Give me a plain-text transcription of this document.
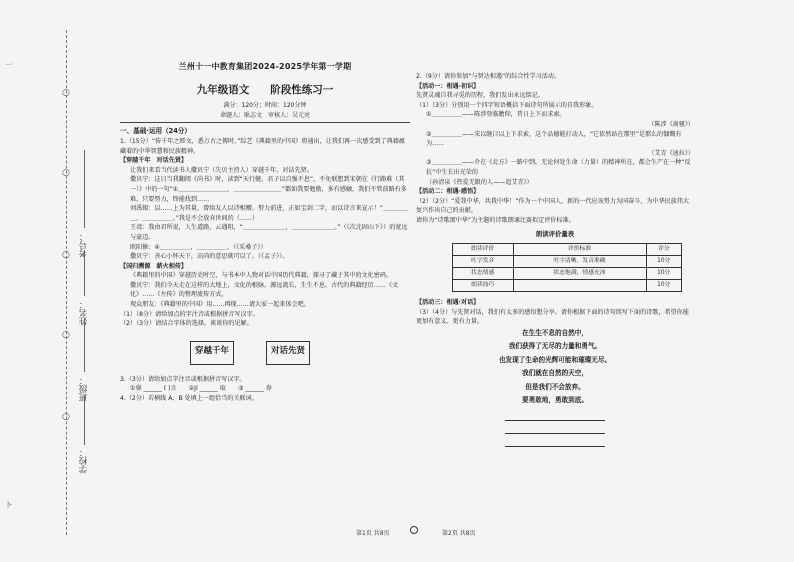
一
卜
○
○
○
○
○
考号：
姓名：
班级：
学校：
兰州十一中教育集团2024-2025学年第一学期
九年级语文　　阶段性练习一
满分：120分；时间：120分钟
命题人：耿志文　审核人：吴元亮
一、基础·运用（24分）
1.（15分）“传千年之經文，悉万古之傳时。”综艺《典籍里的中国》将通出，让我们再一次感受到了典籍蕴藏着的中华智慧和民族精神。
【穿越千年　对话先贤】
让我们来看当代读书人撒贝宁（失贝主持人）穿越千年，对话先贤。
撒贝宁：这日当我翻阅《尚书》时，读到“天行健，君子以自强不息”，不免联想到宋朝在《行路难（其一）》中的一句“①＿＿＿＿＿＿＿＿，＿＿＿＿＿＿＿＿”都如我要勉励，多有感触，我们不管前路有多难，只要努力，终能找到……
刘禹锡：以……上为其量，曾给友人以诗相赠。努力前进，正如宝剑二字，而以诗言来宣示！“＿＿＿＿＿，＿＿＿＿＿。”我是不会放弃世间的（……）
王湾：我由君所说，人生道路，云遇阻，“＿＿＿＿＿＿＿，＿＿＿＿＿＿＿。”（《次北固山下》）的宽远与豪迈。
欧阳修：④＿＿＿＿＿，＿＿＿＿＿。（《采桑子》）
撒贝宁：善心小怀天下，高尚的意思就可以了。（《孟子》）。
【国归溯源　薪火相传】
《典籍里的中国》穿越历史时空，与书本中人物对话中国历代典籍，探寻了藏于其中的文化密码。
撒贝宁：我们今天走在这样的大地上，文化的根脉，源远流长，生生不息。古代的典籍经历……《文化》……《左传》的整理流传方式。
观众朋友：《典籍里的中国》用……再现……请大家一起来体会吧。
（1）（8分）请给加点的字注音或根据拼音写汉字。
（2）（3分）请结合字体的选择，谈谈你的见解。
穿越千年	对话先贤
3.（3分）请给加点字注音或根据拼音写汉字。
①褒 ______ ( )言　　②Jí ______ 取　　③ ______ 券
4.（2分）若横线 A、B 处填上一组恰当的关联词。
2.（9分）请你参加“与贤达相遇”的综合性学习活动。
【活动一：相遇·初识】
先贤灵魂自我寻觅的历程，我们发出永远铭记。
（1）（3分）分别用一个四字短语概括下面诗句所展示的自我形象。
①＿＿＿＿＿——陈涉登临瞻仰，昔日上下而求索。
（陈涉《离骚》）
②＿＿＿＿＿——宋以继日以上下求索，这个品德能打动人，“它依然站在那里”是那么的慷慨有为……
（艾青《迪拉》）
③＿＿＿＿＿——介在《北方》一路中到，无论何处生命（力量）的精神所在，都会生产在一种“反抗”中生长出光荣的
（孙清泉《热爱无限的人——追艾青》）
【活动二：相遇·感悟】
（2）（2分）“爱我中华，共我中华！”作为一个中国人，新的一代应该努力为国奋斗，为中华民族伟大复兴作出自己的贡献。
请你为“诗歌颂中华”为主题的诗歌朗诵比赛拟定评价标准。
朗读评价量表
朗读评价	评价标准	评分
吐字发音	吐字清晰，发音准确	10分
状态情感	状态饱满，情感充沛	10分
朗读技巧		10分
【活动三：相遇·对话】
（3）（4分）与先贤对话，我们有太多的感悟想分享。请你根据下面的诗句续写下面的诗歌，希望你能更加有意义、更有力量。
在生生不息的自然中，
我们获得了无尽的力量和勇气。
也发现了生命的光辉可能和璀璨无尽。
我们就在自然的天空，
但是我们不会放弃。
要勇敢地，勇敢到底。
第1页 共8页	第2页 共8页
